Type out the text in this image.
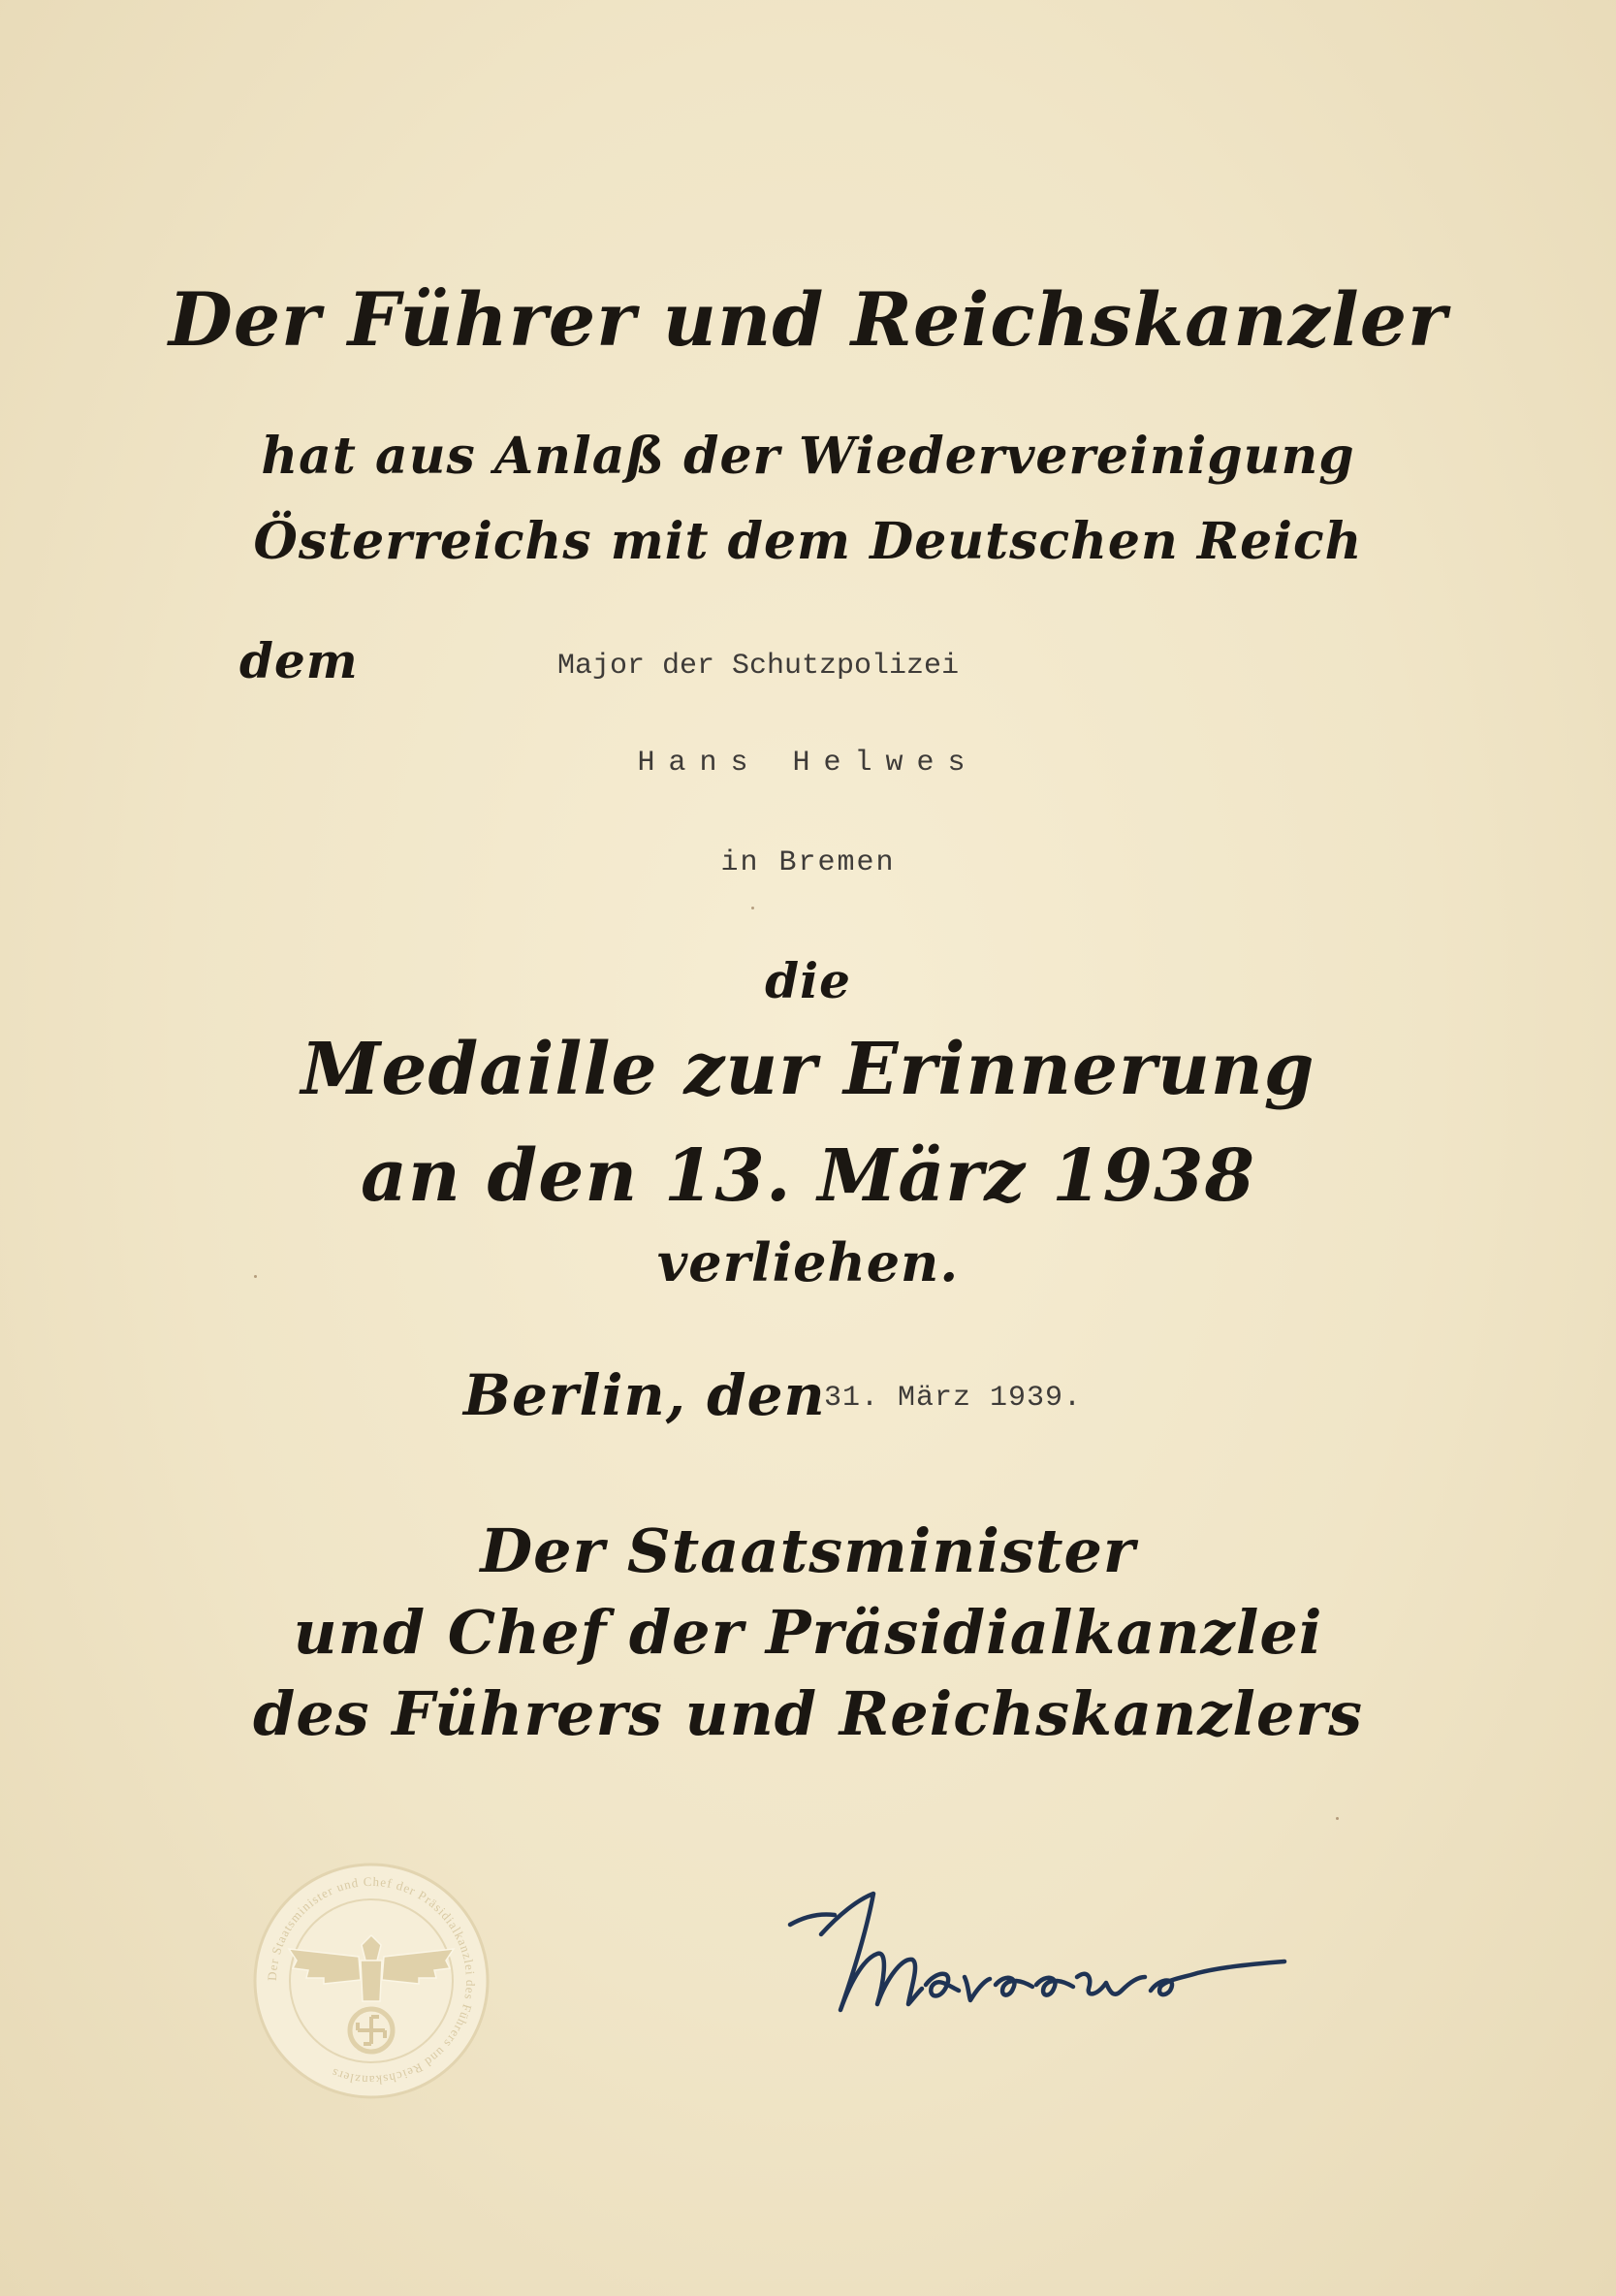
Der Führer und Reichskanzler
hat aus Anlaß der Wiedervereinigung
Österreichs mit dem Deutschen Reich
dem	Major der Schutzpolizei
Hans Helwes
in Bremen
die
Medaille zur Erinnerung
an den 13. März 1938
verliehen.
Berlin, den
31. März 1939.
Der Staatsminister
und Chef der Präsidialkanzlei
des Führers und Reichskanzlers
Der Staatsminister und Chef der Präsidialkanzlei des Führers und Reichskanzlers
